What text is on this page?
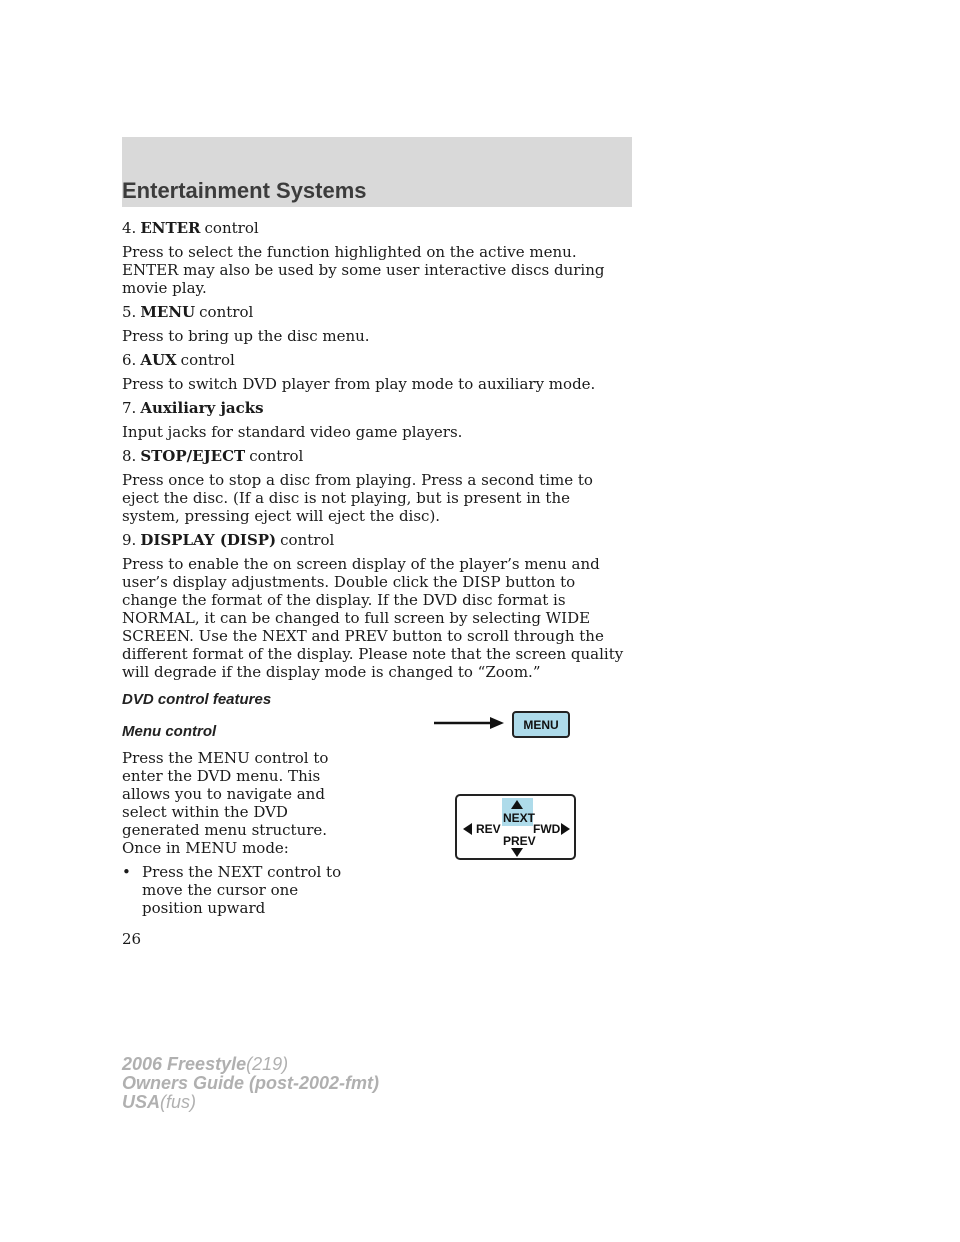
Entertainment Systems

4. ENTER control

Press to select the function highlighted on the active menu. ENTER may also be used by some user interactive discs during movie play.

5. MENU control

Press to bring up the disc menu.

6. AUX control

Press to switch DVD player from play mode to auxiliary mode.

7. Auxiliary jacks

Input jacks for standard video game players.

8. STOP/EJECT control

Press once to stop a disc from playing. Press a second time to eject the disc. (If a disc is not playing, but is present in the system, pressing eject will eject the disc).

9. DISPLAY (DISP) control

Press to enable the on screen display of the player’s menu and user’s display adjustments. Double click the DISP button to change the format of the display. If the DVD disc format is NORMAL, it can be changed to full screen by selecting WIDE SCREEN. Use the NEXT and PREV button to scroll through the different format of the display. Please note that the screen quality will degrade if the display mode is changed to “Zoom.”

DVD control features

Menu control

Press the MENU control to enter the DVD menu. This allows you to navigate and select within the DVD generated menu structure. Once in MENU mode:

• Press the NEXT control to move the cursor one position upward
MENU
NEXT
REV	FWD
PREV
26
2006 Freestyle(219)
Owners Guide (post-2002-fmt)
USA(fus)
